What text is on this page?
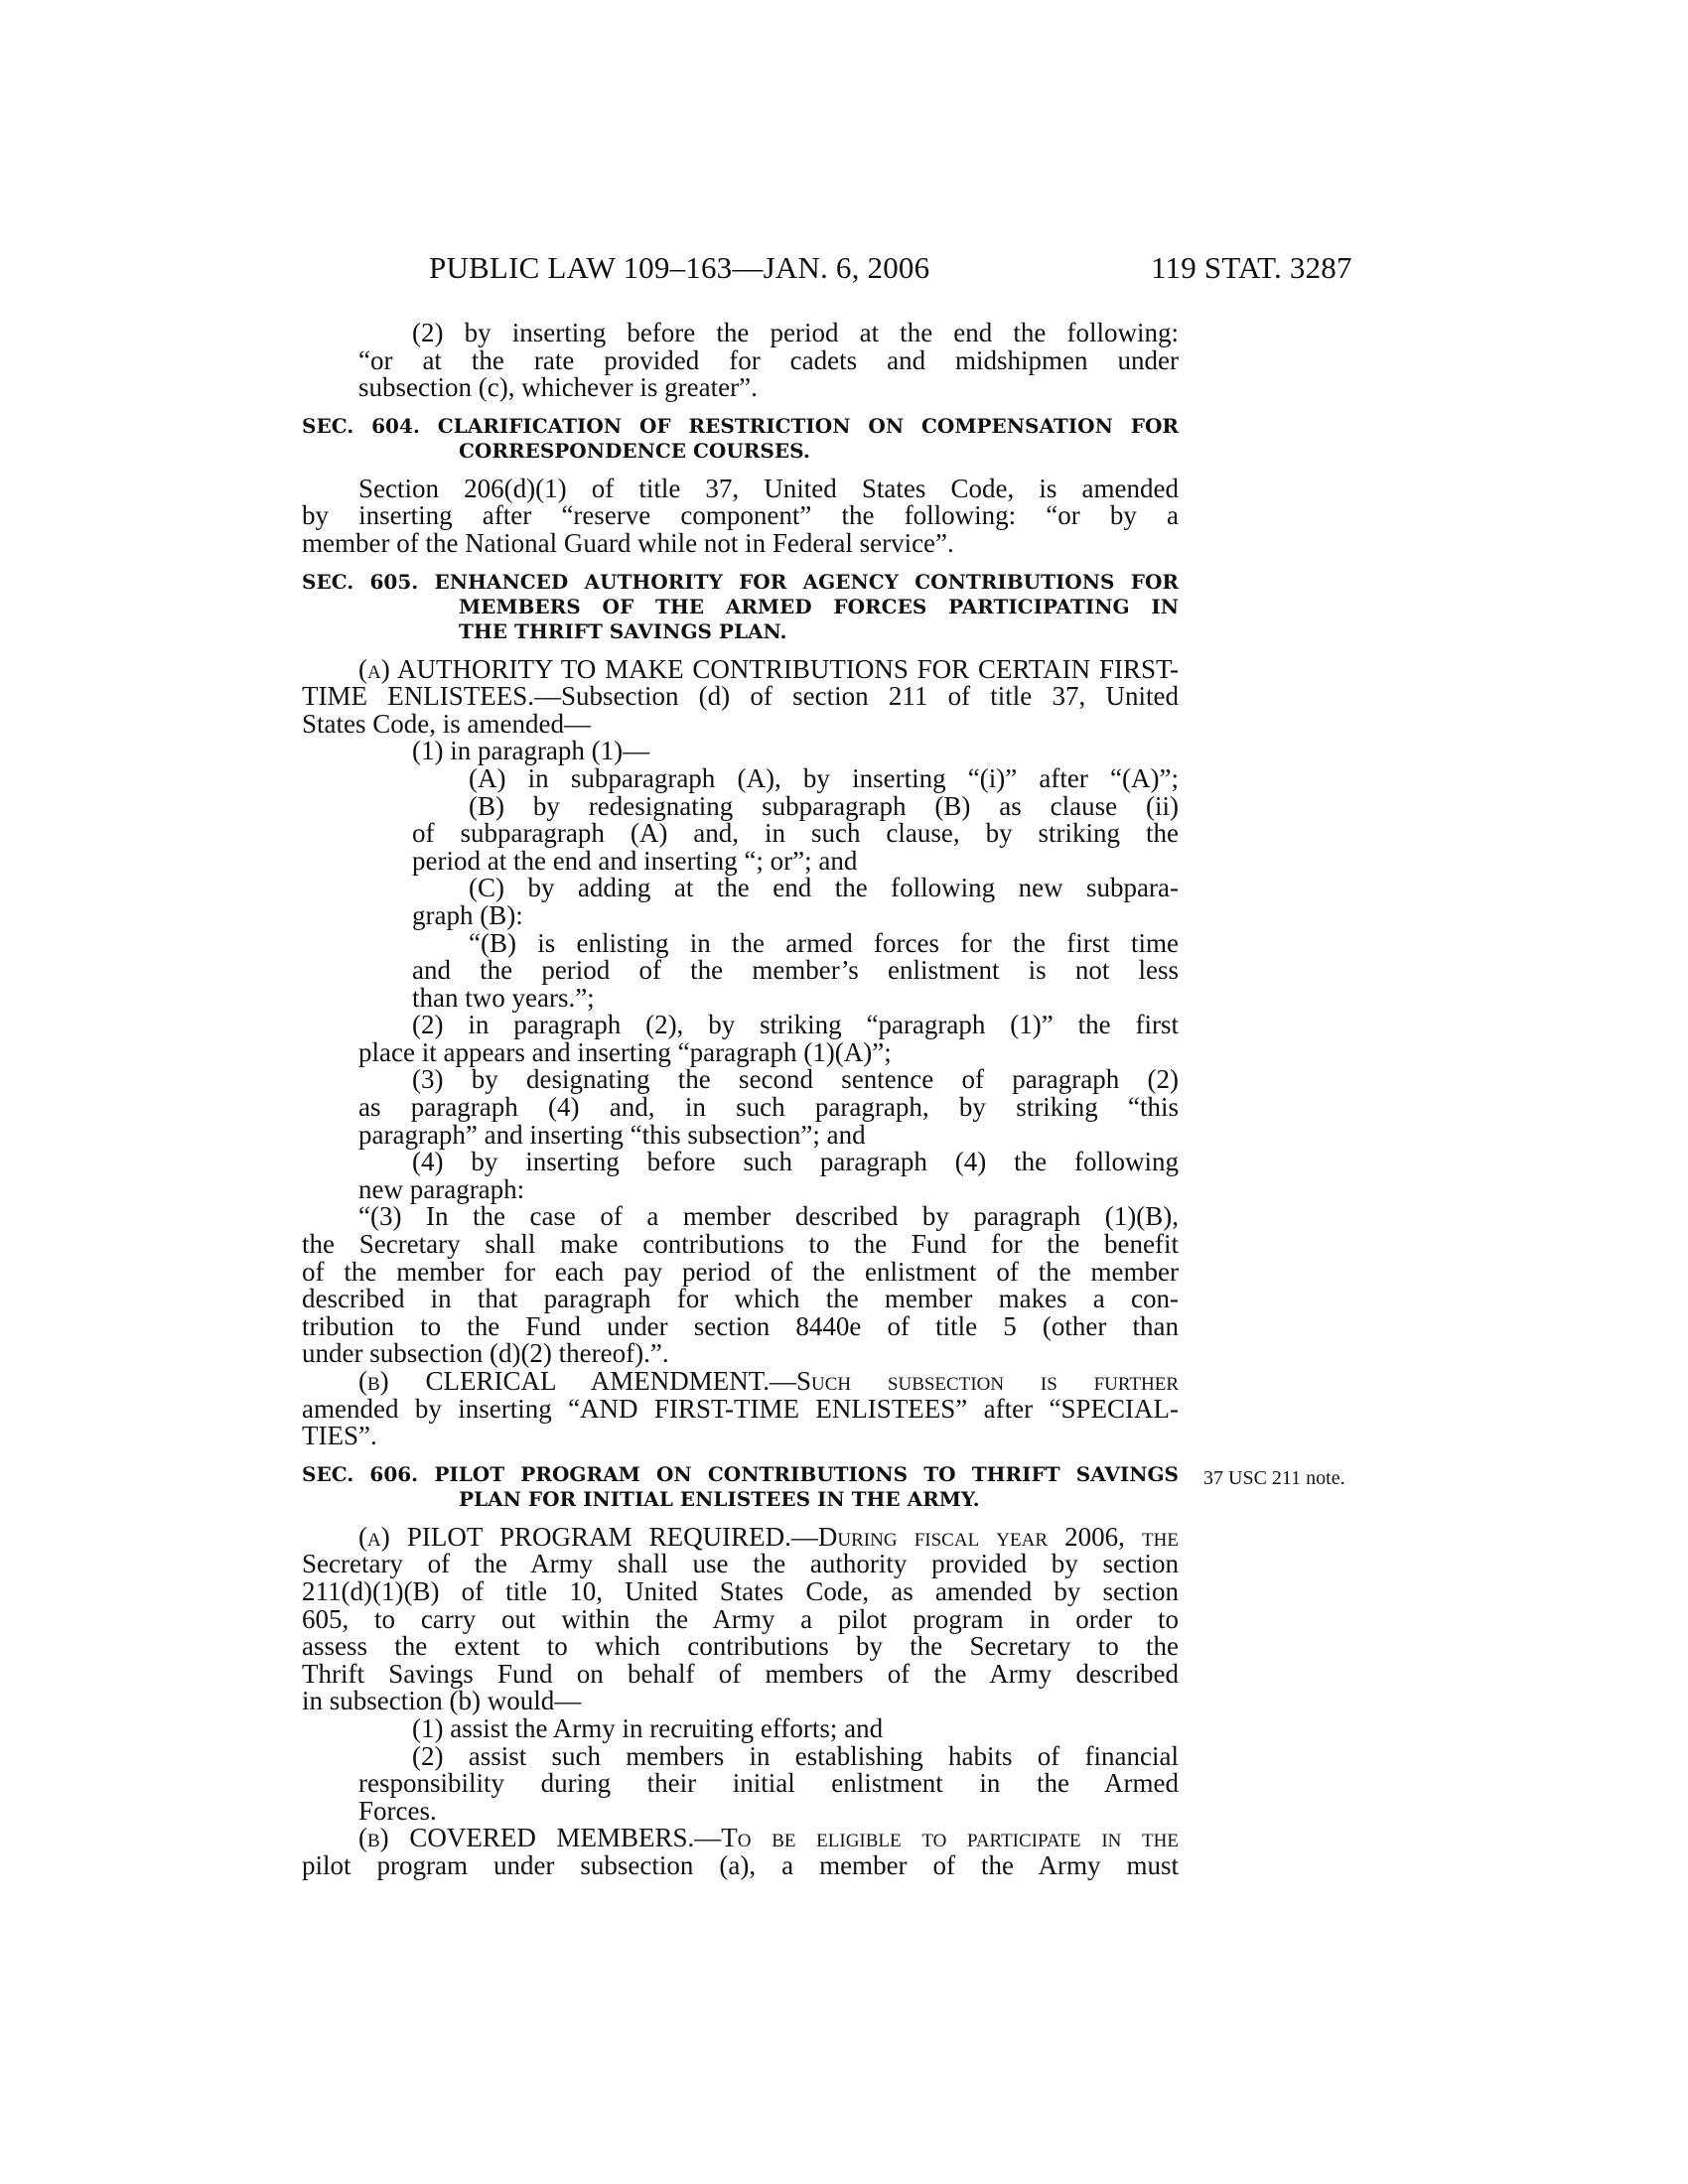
PUBLIC LAW 109–163—JAN. 6, 2006	119 STAT. 3287

(2) by inserting before the period at the end the following:

“or at the rate provided for cadets and midshipmen under

subsection (c), whichever is greater”.

SEC. 604. CLARIFICATION OF RESTRICTION ON COMPENSATION FOR
CORRESPONDENCE COURSES.

Section 206(d)(1) of title 37, United States Code, is amended

by inserting after “reserve component” the following: “or by a

member of the National Guard while not in Federal service”.

SEC. 605. ENHANCED AUTHORITY FOR AGENCY CONTRIBUTIONS FOR
MEMBERS OF THE ARMED FORCES PARTICIPATING IN
THE THRIFT SAVINGS PLAN.

(a) AUTHORITY TO MAKE CONTRIBUTIONS FOR CERTAIN FIRST-

TIME ENLISTEES.—Subsection (d) of section 211 of title 37, United

States Code, is amended—

(1) in paragraph (1)—

(A) in subparagraph (A), by inserting “(i)” after “(A)”;

(B) by redesignating subparagraph (B) as clause (ii)

of subparagraph (A) and, in such clause, by striking the

period at the end and inserting “; or”; and

(C) by adding at the end the following new subpara-

graph (B):

“(B) is enlisting in the armed forces for the first time

and the period of the member’s enlistment is not less

than two years.”;

(2) in paragraph (2), by striking “paragraph (1)” the first

place it appears and inserting “paragraph (1)(A)”;

(3) by designating the second sentence of paragraph (2)

as paragraph (4) and, in such paragraph, by striking “this

paragraph” and inserting “this subsection”; and

(4) by inserting before such paragraph (4) the following

new paragraph:

“(3) In the case of a member described by paragraph (1)(B),

the Secretary shall make contributions to the Fund for the benefit

of the member for each pay period of the enlistment of the member

described in that paragraph for which the member makes a con-

tribution to the Fund under section 8440e of title 5 (other than

under subsection (d)(2) thereof).”.

(b) CLERICAL AMENDMENT.—Such subsection is further

amended by inserting “AND FIRST-TIME ENLISTEES” after “SPECIAL-

TIES”.

SEC. 606. PILOT PROGRAM ON CONTRIBUTIONS TO THRIFT SAVINGS
PLAN FOR INITIAL ENLISTEES IN THE ARMY.

(a) PILOT PROGRAM REQUIRED.—During fiscal year 2006, the

Secretary of the Army shall use the authority provided by section

211(d)(1)(B) of title 10, United States Code, as amended by section

605, to carry out within the Army a pilot program in order to

assess the extent to which contributions by the Secretary to the

Thrift Savings Fund on behalf of members of the Army described

in subsection (b) would—

(1) assist the Army in recruiting efforts; and

(2) assist such members in establishing habits of financial

responsibility during their initial enlistment in the Armed

Forces.

(b) COVERED MEMBERS.—To be eligible to participate in the

pilot program under subsection (a), a member of the Army must

37 USC 211 note.
